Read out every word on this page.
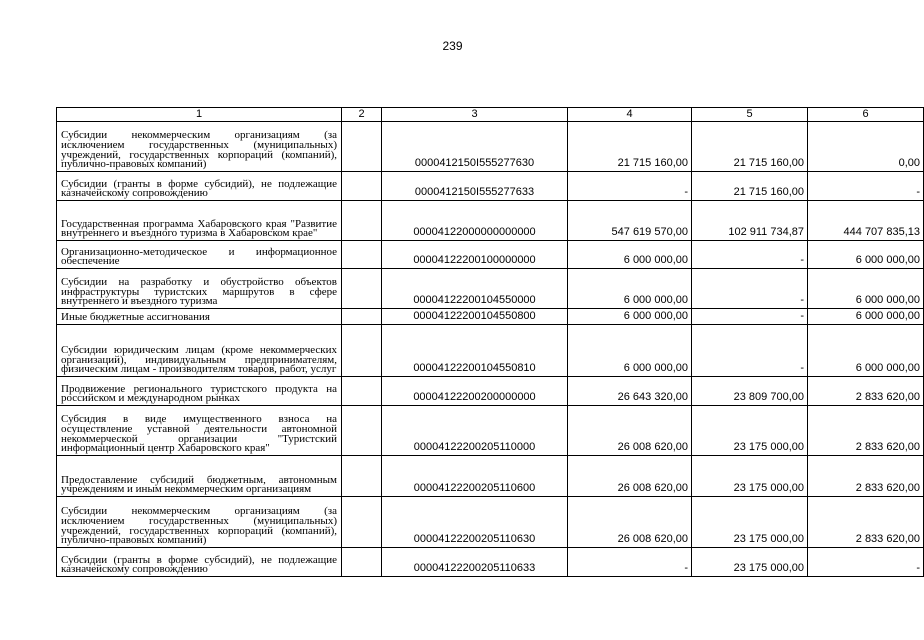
239
1	2	3	4	5	6
Субсидии некоммерческим организациям (за исключением государственных (муниципальных) учреждений, государственных корпораций (компаний), публично-правовых компаний)		0000412150I555277630	21 715 160,00	21 715 160,00	0,00
Субсидии (гранты в форме субсидий), не подлежащие казначейскому сопровождению		0000412150I555277633	-	21 715 160,00	-
Государственная программа Хабаровского края "Развитие внутреннего и въездного туризма в Хабаровском крае"		00004122000000000000	547 619 570,00	102 911 734,87	444 707 835,13
Организационно-методическое и информационное обеспечение		00004122200100000000	6 000 000,00	-	6 000 000,00
Субсидии на разработку и обустройство объектов инфраструктуры туристских маршрутов в сфере внутреннего и въездного туризма		00004122200104550000	6 000 000,00	-	6 000 000,00
Иные бюджетные ассигнования		00004122200104550800	6 000 000,00	-	6 000 000,00
Субсидии юридическим лицам (кроме некоммерческих организаций), индивидуальным предпринимателям, физическим лицам - производителям товаров, работ, услуг		00004122200104550810	6 000 000,00	-	6 000 000,00
Продвижение регионального туристского продукта на российском и международном рынках		00004122200200000000	26 643 320,00	23 809 700,00	2 833 620,00
Субсидия в виде имущественного взноса на осуществление уставной деятельности автономной некоммерческой организации "Туристский информационный центр Хабаровского края"		00004122200205110000	26 008 620,00	23 175 000,00	2 833 620,00
Предоставление субсидий бюджетным, автономным учреждениям и иным некоммерческим организациям		00004122200205110600	26 008 620,00	23 175 000,00	2 833 620,00
Субсидии некоммерческим организациям (за исключением государственных (муниципальных) учреждений, государственных корпораций (компаний), публично-правовых компаний)		00004122200205110630	26 008 620,00	23 175 000,00	2 833 620,00
Субсидии (гранты в форме субсидий), не подлежащие казначейскому сопровождению		00004122200205110633	-	23 175 000,00	-
